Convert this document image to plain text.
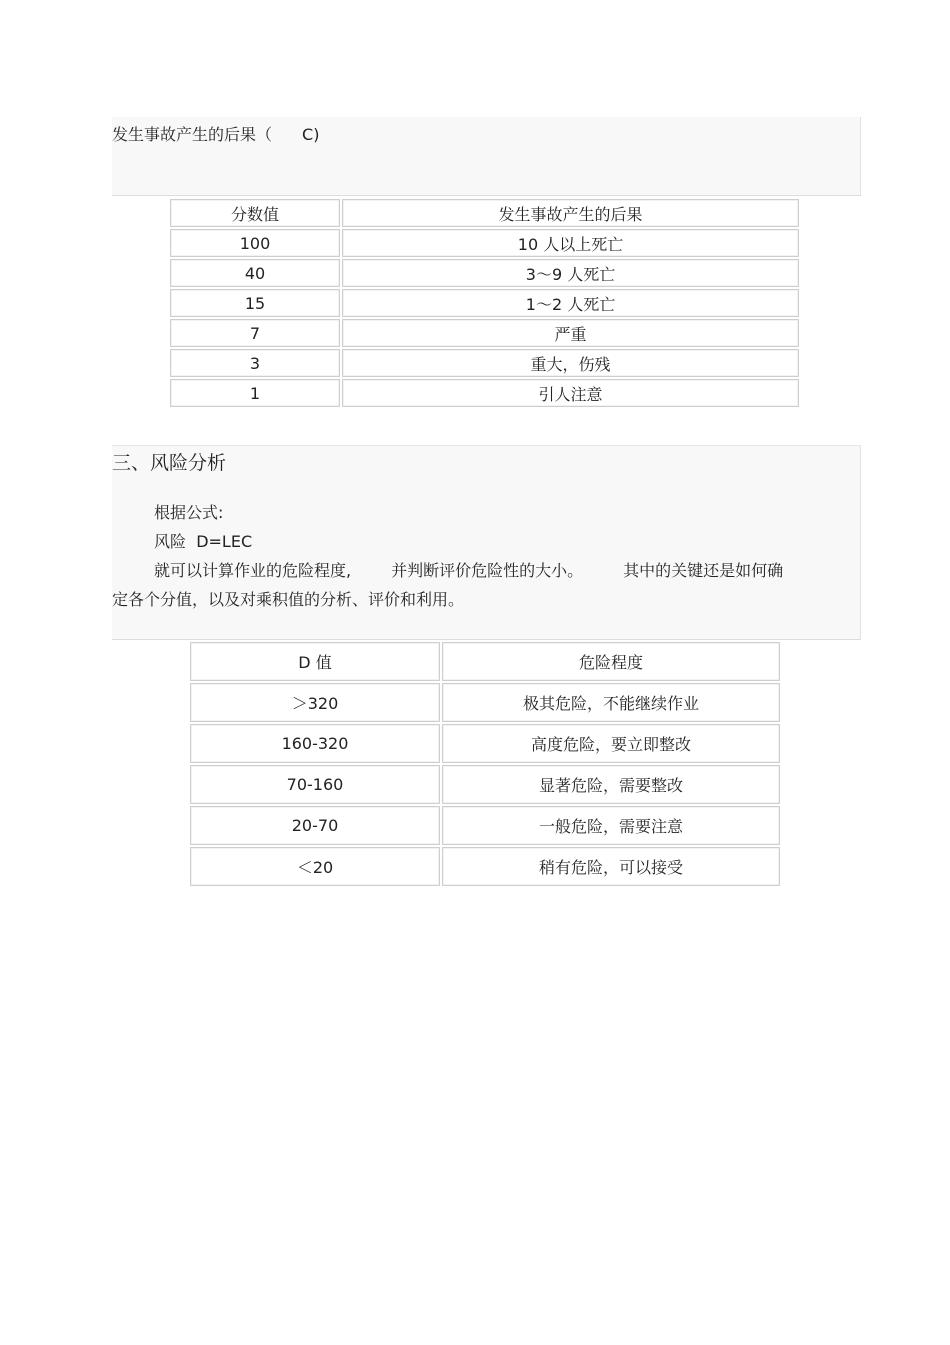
发生事故产生的后果（ C)
分数值	发生事故产生的后果
100	10 人以上死亡
40	3～9 人死亡
15	1～2 人死亡
7	严重
3	重大，伤残
1	引人注意
三、风险分析
根据公式:
风险 D=LEC
就可以计算作业的危险程度,	并判断评价危险性的大小。	其中的关键还是如何确
定各个分值，以及对乘积值的分析、评价和利用。
D 值	危险程度
＞320	极其危险，不能继续作业
160-320	高度危险，要立即整改
70-160	显著危险，需要整改
20-70	一般危险，需要注意
＜20	稍有危险，可以接受
